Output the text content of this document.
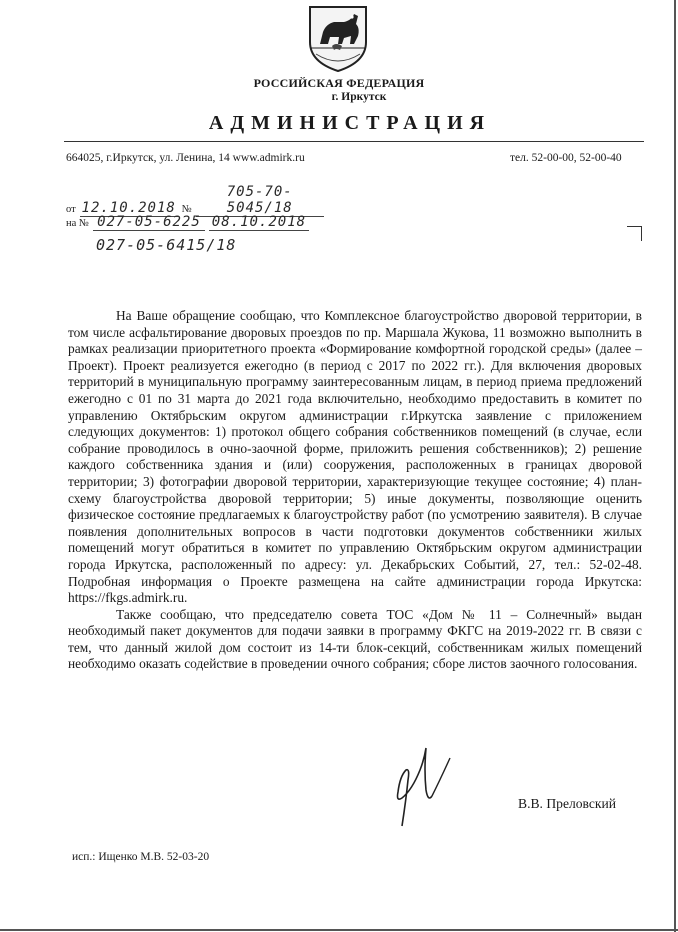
РОССИЙСКАЯ ФЕДЕРАЦИЯ
г. Иркутск
АДМИНИСТРАЦИЯ
664025, г.Иркутск, ул. Ленина, 14 www.admirk.ru	тел. 52-00-00, 52-00-40
от 12.10.2018 № 705-70-5045/18
на № 027-05-6225 08.10.2018
027-05-6415/18

На Ваше обращение сообщаю, что Комплексное благоустройство дворовой территории, в том числе асфальтирование дворовых проездов по пр. Маршала Жукова, 11 возможно выполнить в рамках реализации приоритетного проекта «Формирование комфортной городской среды» (далее – Проект). Проект реализуется ежегодно (в период с 2017 по 2022 гг.). Для включения дворовых территорий в муниципальную программу заинтересованным лицам, в период приема предложений ежегодно с 01 по 31 марта до 2021 года включительно, необходимо предоставить в комитет по управлению Октябрьским округом администрации г.Иркутска заявление с приложением следующих документов: 1) протокол общего собрания собственников помещений (в случае, если собрание проводилось в очно-заочной форме, приложить решения собственников); 2) решение каждого собственника здания и (или) сооружения, расположенных в границах дворовой территории; 3) фотографии дворовой территории, характеризующие текущее состояние; 4) план-схему благоустройства дворовой территории; 5) иные документы, позволяющие оценить физическое состояние предлагаемых к благоустройству работ (по усмотрению заявителя). В случае появления дополнительных вопросов в части подготовки документов собственники жилых помещений могут обратиться в комитет по управлению Октябрьским округом администрации города Иркутска, расположенный по адресу: ул. Декабрьских Событий, 27, тел.: 52-02-48. Подробная информация о Проекте размещена на сайте администрации города Иркутска: https://fkgs.admirk.ru.

Также сообщаю, что председателю совета ТОС «Дом № 11 – Солнечный» выдан необходимый пакет документов для подачи заявки в программу ФКГС на 2019-2022 гг. В связи с тем, что данный жилой дом состоит из 14-ти блок-секций, собственникам жилых помещений необходимо оказать содействие в проведении очного собрания; сборе листов заочного голосования.

В.В. Преловский
исп.: Ищенко М.В. 52-03-20
